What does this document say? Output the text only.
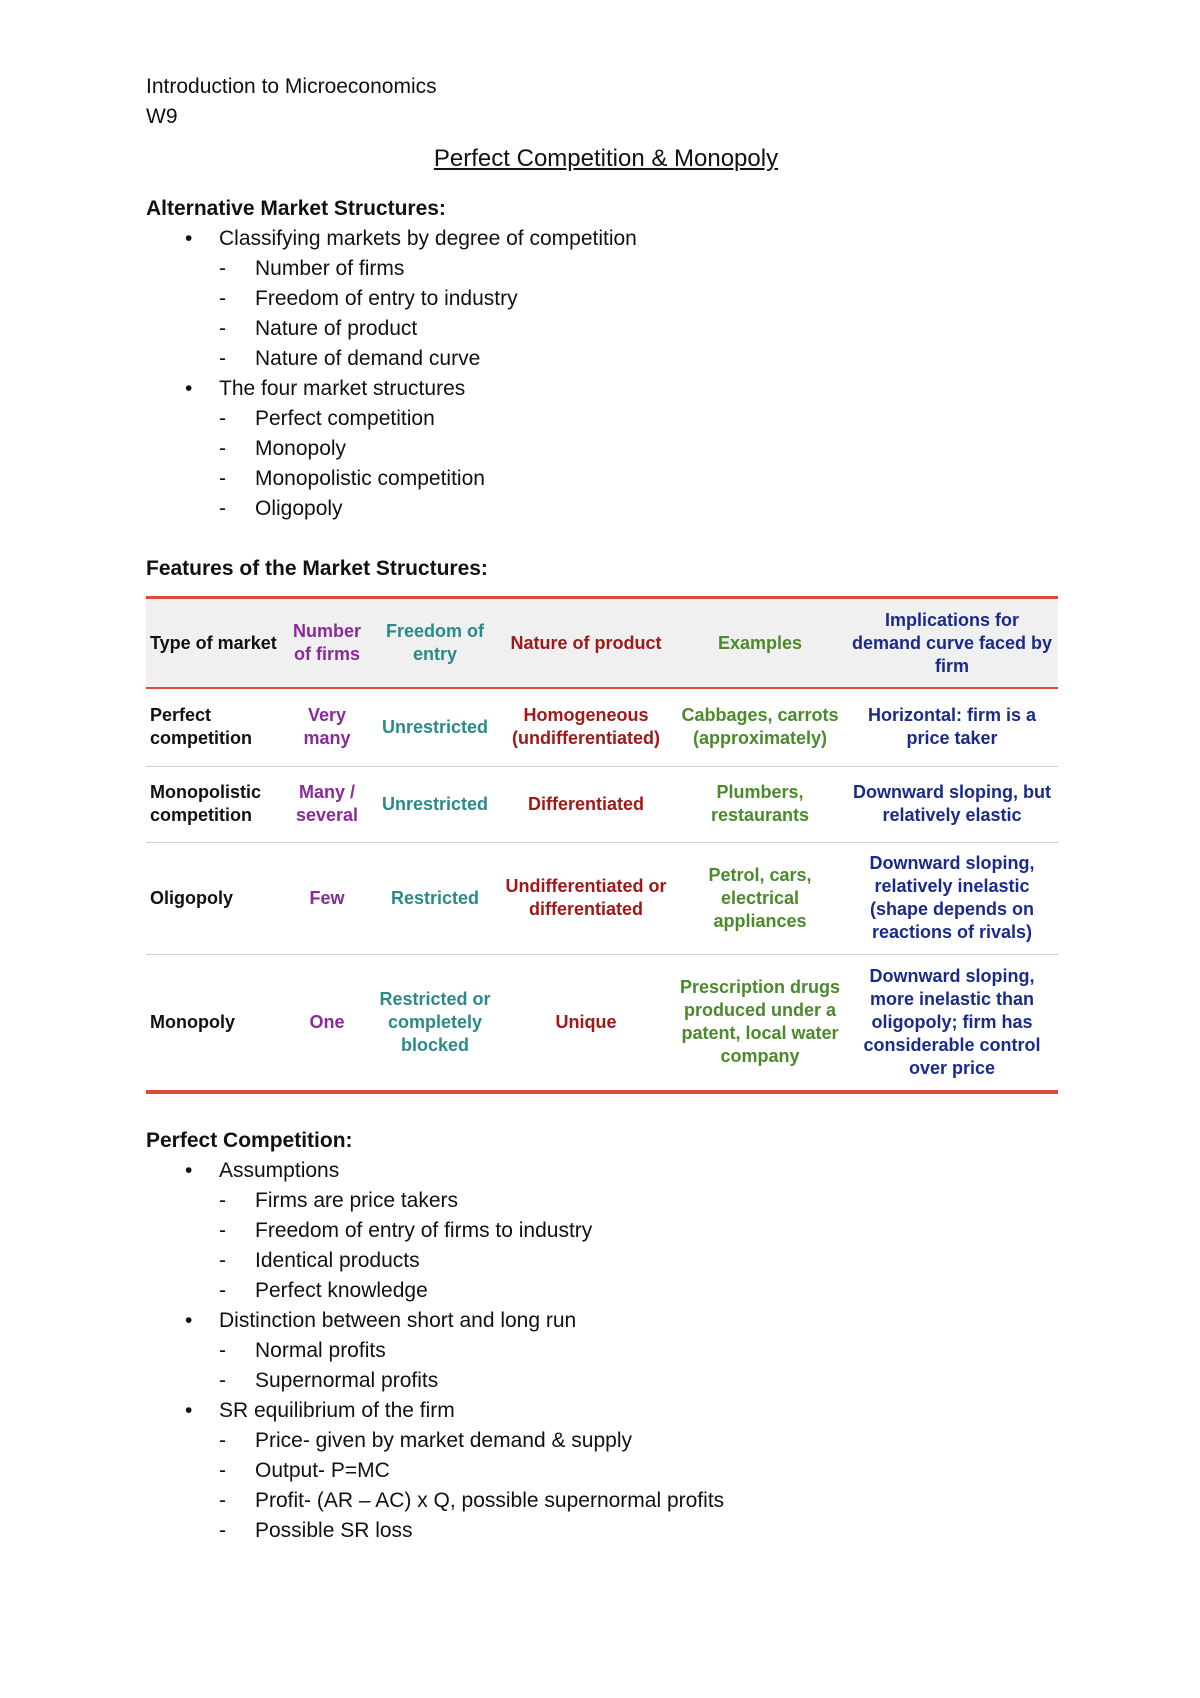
Introduction to Microeconomics

W9

Perfect Competition & Monopoly

Alternative Market Structures:

• Classifying markets by degree of competition
- Number of firms
- Freedom of entry to industry
- Nature of product
- Nature of demand curve
• The four market structures
- Perfect competition
- Monopoly
- Monopolistic competition
- Oligopoly

Features of the Market Structures:

Type of market	Number of firms	Freedom of entry	Nature of product	Examples	Implications for demand curve faced by firm
Perfect competition	Very many	Unrestricted	Homogeneous (undifferentiated)	Cabbages, carrots (approximately)	Horizontal: firm is a price taker
Monopolistic competition	Many / several	Unrestricted	Differentiated	Plumbers, restaurants	Downward sloping, but relatively elastic
Oligopoly	Few	Restricted	Undifferentiated or differentiated	Petrol, cars, electrical appliances	Downward sloping, relatively inelastic (shape depends on reactions of rivals)
Monopoly	One	Restricted or completely blocked	Unique	Prescription drugs produced under a patent, local water company	Downward sloping, more inelastic than oligopoly; firm has considerable control over price

Perfect Competition:

• Assumptions
- Firms are price takers
- Freedom of entry of firms to industry
- Identical products
- Perfect knowledge
• Distinction between short and long run
- Normal profits
- Supernormal profits
• SR equilibrium of the firm
- Price- given by market demand & supply
- Output- P=MC
- Profit- (AR – AC) x Q, possible supernormal profits
- Possible SR loss
